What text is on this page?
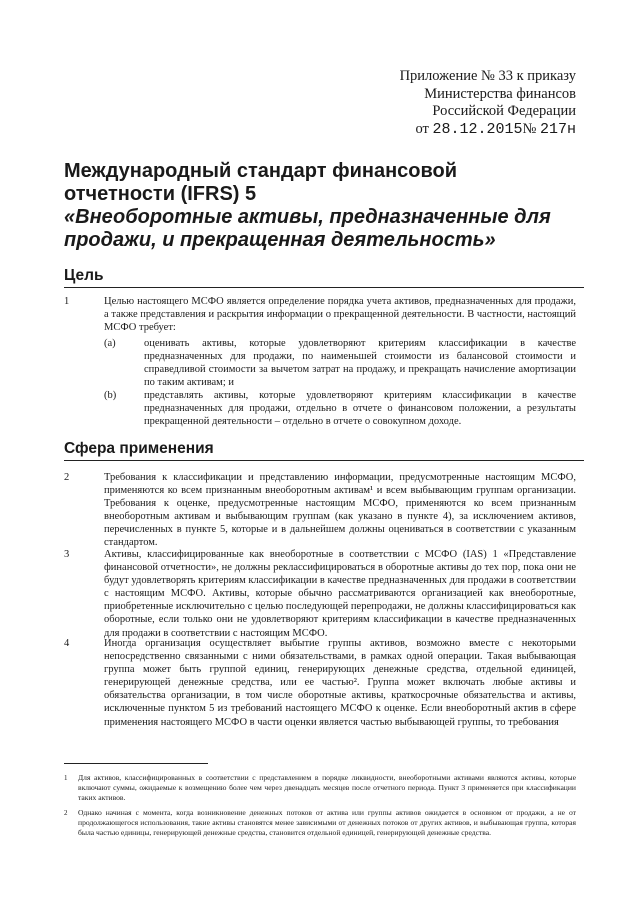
Приложение № 33 к приказу
Министерства финансов
Российской Федерации
от 28.12.2015№ 217н
Международный стандарт финансовой
отчетности (IFRS) 5
«Внеоборотные активы, предназначенные для продажи, и прекращенная деятельность»
Цель
1	Целью настоящего МСФО является определение порядка учета активов, предназначенных для продажи, а также представления и раскрытия информации о прекращенной деятельности. В частности, настоящий МСФО требует:
(a)	оценивать активы, которые удовлетворяют критериям классификации в качестве предназначенных для продажи, по наименьшей стоимости из балансовой стоимости и справедливой стоимости за вычетом затрат на продажу, и прекращать начисление амортизации по таким активам; и
(b)	представлять активы, которые удовлетворяют критериям классификации в качестве предназначенных для продажи, отдельно в отчете о финансовом положении, а результаты прекращенной деятельности – отдельно в отчете о совокупном доходе.
Сфера применения
2	Требования к классификации и представлению информации, предусмотренные настоящим МСФО, применяются ко всем признанным внеоборотным активам¹ и всем выбывающим группам организации. Требования к оценке, предусмотренные настоящим МСФО, применяются ко всем признанным внеоборотным активам и выбывающим группам (как указано в пункте 4), за исключением активов, перечисленных в пункте 5, которые и в дальнейшем должны оцениваться в соответствии с указанным стандартом.
3	Активы, классифицированные как внеоборотные в соответствии с МСФО (IAS) 1 «Представление финансовой отчетности», не должны реклассифицироваться в оборотные активы до тех пор, пока они не будут удовлетворять критериям классификации в качестве предназначенных для продажи в соответствии с настоящим МСФО. Активы, которые обычно рассматриваются организацией как внеоборотные, приобретенные исключительно с целью последующей перепродажи, не должны классифицироваться как оборотные, если только они не удовлетворяют критериям классификации в качестве предназначенных для продажи в соответствии с настоящим МСФО.
4	Иногда организация осуществляет выбытие группы активов, возможно вместе с некоторыми непосредственно связанными с ними обязательствами, в рамках одной операции. Такая выбывающая группа может быть группой единиц, генерирующих денежные средства, отдельной единицей, генерирующей денежные средства, или ее частью². Группа может включать любые активы и обязательства организации, в том числе оборотные активы, краткосрочные обязательства и активы, исключенные пунктом 5 из требований настоящего МСФО к оценке. Если внеоборотный актив в сфере применения настоящего МСФО в части оценки является частью выбывающей группы, то требования
1 Для активов, классифицированных в соответствии с представлением в порядке ликвидности, внеоборотными активами являются активы, которые включают суммы, ожидаемые к возмещению более чем через двенадцать месяцев после отчетного периода. Пункт 3 применяется при классификации таких активов.
2 Однако начиная с момента, когда возникновение денежных потоков от актива или группы активов ожидается в основном от продажи, а не от продолжающегося использования, такие активы становятся менее зависимыми от денежных потоков от других активов, и выбывающая группа, которая была частью единицы, генерирующей денежные средства, становится отдельной единицей, генерирующей денежные средства.
